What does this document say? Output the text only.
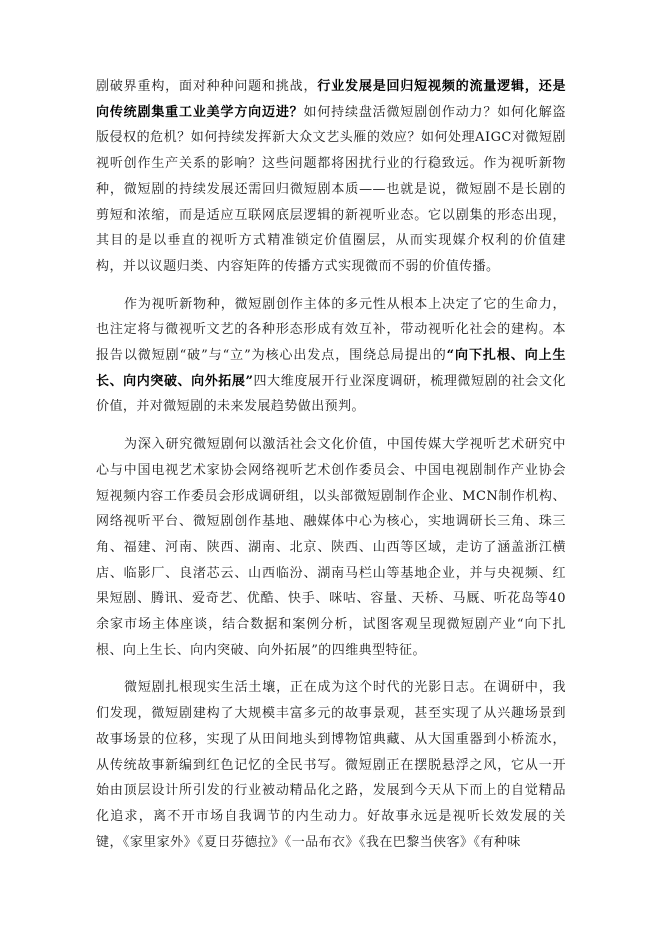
剧破界重构，面对种种问题和挑战，行业发展是回归短视频的流量逻辑，还是向传统剧集重工业美学方向迈进？如何持续盘活微短剧创作动力？如何化解盗版侵权的危机？如何持续发挥新大众文艺头雁的效应？如何处理AIGC对微短剧视听创作生产关系的影响？这些问题都将困扰行业的行稳致远。作为视听新物种，微短剧的持续发展还需回归微短剧本质——也就是说，微短剧不是长剧的剪短和浓缩，而是适应互联网底层逻辑的新视听业态。它以剧集的形态出现，其目的是以垂直的视听方式精准锁定价值圈层，从而实现媒介权利的价值建构，并以议题归类、内容矩阵的传播方式实现微而不弱的价值传播。

作为视听新物种，微短剧创作主体的多元性从根本上决定了它的生命力，也注定将与微视听文艺的各种形态形成有效互补，带动视听化社会的建构。本报告以微短剧“破”与“立”为核心出发点，围绕总局提出的“向下扎根、向上生长、向内突破、向外拓展”四大维度展开行业深度调研，梳理微短剧的社会文化价值，并对微短剧的未来发展趋势做出预判。

为深入研究微短剧何以激活社会文化价值，中国传媒大学视听艺术研究中心与中国电视艺术家协会网络视听艺术创作委员会、中国电视剧制作产业协会短视频内容工作委员会形成调研组，以头部微短剧制作企业、MCN制作机构、网络视听平台、微短剧创作基地、融媒体中心为核心，实地调研长三角、珠三角、福建、河南、陕西、湖南、北京、陕西、山西等区域，走访了涵盖浙江横店、临影厂、良渚芯云、山西临汾、湖南马栏山等基地企业，并与央视频、红果短剧、腾讯、爱奇艺、优酷、快手、咪咕、容量、天桥、马厩、听花岛等40余家市场主体座谈，结合数据和案例分析，试图客观呈现微短剧产业“向下扎根、向上生长、向内突破、向外拓展”的四维典型特征。

微短剧扎根现实生活土壤，正在成为这个时代的光影日志。在调研中，我们发现，微短剧建构了大规模丰富多元的故事景观，甚至实现了从兴趣场景到故事场景的位移，实现了从田间地头到博物馆典藏、从大国重器到小桥流水，从传统故事新编到红色记忆的全民书写。微短剧正在摆脱悬浮之风，它从一开始由顶层设计所引发的行业被动精品化之路，发展到今天从下而上的自觉精品化追求，离不开市场自我调节的内生动力。好故事永远是视听长效发展的关键，《家里家外》《夏日芬德拉》《一品布衣》《我在巴黎当侠客》《有种味
